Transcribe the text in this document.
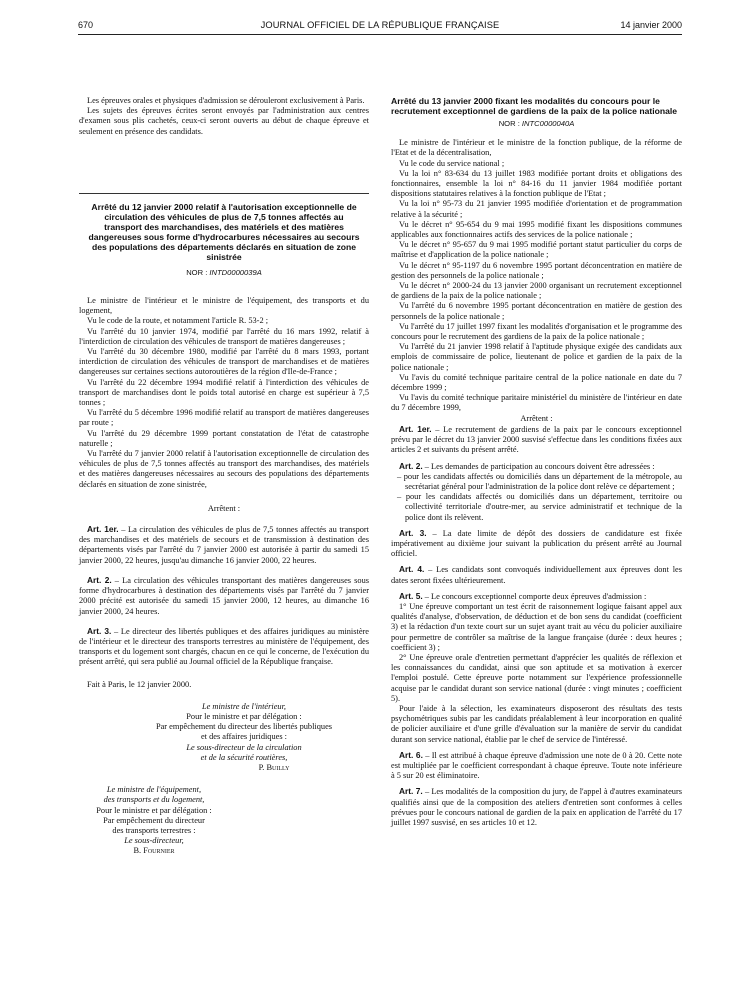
670	JOURNAL OFFICIEL DE LA RÉPUBLIQUE FRANÇAISE	14 janvier 2000

Les épreuves orales et physiques d'admission se dérouleront exclusivement à Paris.

Les sujets des épreuves écrites seront envoyés par l'administration aux centres d'examen sous plis cachetés, ceux-ci seront ouverts au début de chaque épreuve et seulement en présence des candidats.

Arrêté du 12 janvier 2000 relatif à l'autorisation exceptionnelle de circulation des véhicules de plus de 7,5 tonnes affectés au transport des marchandises, des matériels et des matières dangereuses sous forme d'hydrocarbures nécessaires au secours des populations des départements déclarés en situation de zone sinistrée
NOR : INTD0000039A

Le ministre de l'intérieur et le ministre de l'équipement, des transports et du logement,

Vu le code de la route, et notamment l'article R. 53-2 ;

Vu l'arrêté du 10 janvier 1974, modifié par l'arrêté du 16 mars 1992, relatif à l'interdiction de circulation des véhicules de transport de matières dangereuses ;

Vu l'arrêté du 30 décembre 1980, modifié par l'arrêté du 8 mars 1993, portant interdiction de circulation des véhicules de transport de marchandises et de matières dangereuses sur certaines sections autoroutières de la région d'Ile-de-France ;

Vu l'arrêté du 22 décembre 1994 modifié relatif à l'interdiction des véhicules de transport de marchandises dont le poids total autorisé en charge est supérieur à 7,5 tonnes ;

Vu l'arrêté du 5 décembre 1996 modifié relatif au transport de matières dangereuses par route ;

Vu l'arrêté du 29 décembre 1999 portant constatation de l'état de catastrophe naturelle ;

Vu l'arrêté du 7 janvier 2000 relatif à l'autorisation exceptionnelle de circulation des véhicules de plus de 7,5 tonnes affectés au transport des marchandises, des matériels et des matières dangereuses nécessaires au secours des populations des départements déclarés en situation de zone sinistrée,

Arrêtent :

Art. 1er. – La circulation des véhicules de plus de 7,5 tonnes affectés au transport des marchandises et des matériels de secours et de transmission à destination des départements visés par l'arrêté du 7 janvier 2000 est autorisée à partir du samedi 15 janvier 2000, 22 heures, jusqu'au dimanche 16 janvier 2000, 22 heures.

Art. 2. – La circulation des véhicules transportant des matières dangereuses sous forme d'hydrocarbures à destination des départements visés par l'arrêté du 7 janvier 2000 précité est autorisée du samedi 15 janvier 2000, 12 heures, au dimanche 16 janvier 2000, 24 heures.

Art. 3. – Le directeur des libertés publiques et des affaires juridiques au ministère de l'intérieur et le directeur des transports terrestres au ministère de l'équipement, des transports et du logement sont chargés, chacun en ce qui le concerne, de l'exécution du présent arrêté, qui sera publié au Journal officiel de la République française.

Fait à Paris, le 12 janvier 2000.

Le ministre de l'intérieur,

Pour le ministre et par délégation :

Par empêchement du directeur des libertés publiques

et des affaires juridiques :

Le sous-directeur de la circulation

et de la sécurité routières,

P. Builly

Le ministre de l'équipement,

des transports et du logement,

Pour le ministre et par délégation :

Par empêchement du directeur

des transports terrestres :

Le sous-directeur,

B. Fournier

Arrêté du 13 janvier 2000 fixant les modalités du concours pour le recrutement exceptionnel de gardiens de la paix de la police nationale
NOR : INTC0000040A

Le ministre de l'intérieur et le ministre de la fonction publique, de la réforme de l'Etat et de la décentralisation,

Vu le code du service national ;

Vu la loi n° 83-634 du 13 juillet 1983 modifiée portant droits et obligations des fonctionnaires, ensemble la loi n° 84-16 du 11 janvier 1984 modifiée portant dispositions statutaires relatives à la fonction publique de l'Etat ;

Vu la loi n° 95-73 du 21 janvier 1995 modifiée d'orientation et de programmation relative à la sécurité ;

Vu le décret n° 95-654 du 9 mai 1995 modifié fixant les dispositions communes applicables aux fonctionnaires actifs des services de la police nationale ;

Vu le décret n° 95-657 du 9 mai 1995 modifié portant statut particulier du corps de maîtrise et d'application de la police nationale ;

Vu le décret n° 95-1197 du 6 novembre 1995 portant déconcentration en matière de gestion des personnels de la police nationale ;

Vu le décret n° 2000-24 du 13 janvier 2000 organisant un recrutement exceptionnel de gardiens de la paix de la police nationale ;

Vu l'arrêté du 6 novembre 1995 portant déconcentration en matière de gestion des personnels de la police nationale ;

Vu l'arrêté du 17 juillet 1997 fixant les modalités d'organisation et le programme des concours pour le recrutement des gardiens de la paix de la police nationale ;

Vu l'arrêté du 21 janvier 1998 relatif à l'aptitude physique exigée des candidats aux emplois de commissaire de police, lieutenant de police et gardien de la paix de la police nationale ;

Vu l'avis du comité technique paritaire central de la police nationale en date du 7 décembre 1999 ;

Vu l'avis du comité technique paritaire ministériel du ministère de l'intérieur en date du 7 décembre 1999,

Arrêtent :

Art. 1er. – Le recrutement de gardiens de la paix par le concours exceptionnel prévu par le décret du 13 janvier 2000 susvisé s'effectue dans les conditions fixées aux articles 2 et suivants du présent arrêté.

Art. 2. – Les demandes de participation au concours doivent être adressées :

– pour les candidats affectés ou domiciliés dans un département de la métropole, au secrétariat général pour l'administration de la police dont relève ce département ;

– pour les candidats affectés ou domiciliés dans un département, territoire ou collectivité territoriale d'outre-mer, au service administratif et technique de la police dont ils relèvent.

Art. 3. – La date limite de dépôt des dossiers de candidature est fixée impérativement au dixième jour suivant la publication du présent arrêté au Journal officiel.

Art. 4. – Les candidats sont convoqués individuellement aux épreuves dont les dates seront fixées ultérieurement.

Art. 5. – Le concours exceptionnel comporte deux épreuves d'admission :

1° Une épreuve comportant un test écrit de raisonnement logique faisant appel aux qualités d'analyse, d'observation, de déduction et de bon sens du candidat (coefficient 3) et la rédaction d'un texte court sur un sujet ayant trait au vécu du policier auxiliaire pour permettre de contrôler sa maîtrise de la langue française (durée : deux heures ; coefficient 3) ;

2° Une épreuve orale d'entretien permettant d'apprécier les qualités de réflexion et les connaissances du candidat, ainsi que son aptitude et sa motivation à exercer l'emploi postulé. Cette épreuve porte notamment sur l'expérience professionnelle acquise par le candidat durant son service national (durée : vingt minutes ; coefficient 5).

Pour l'aide à la sélection, les examinateurs disposeront des résultats des tests psychométriques subis par les candidats préalablement à leur incorporation en qualité de policier auxiliaire et d'une grille d'évaluation sur la manière de servir du candidat durant son service national, établie par le chef de service de l'intéressé.

Art. 6. – Il est attribué à chaque épreuve d'admission une note de 0 à 20. Cette note est multipliée par le coefficient correspondant à chaque épreuve. Toute note inférieure à 5 sur 20 est éliminatoire.

Art. 7. – Les modalités de la composition du jury, de l'appel à d'autres examinateurs qualifiés ainsi que de la composition des ateliers d'entretien sont conformes à celles prévues pour le concours national de gardien de la paix en application de l'arrêté du 17 juillet 1997 susvisé, en ses articles 10 et 12.
